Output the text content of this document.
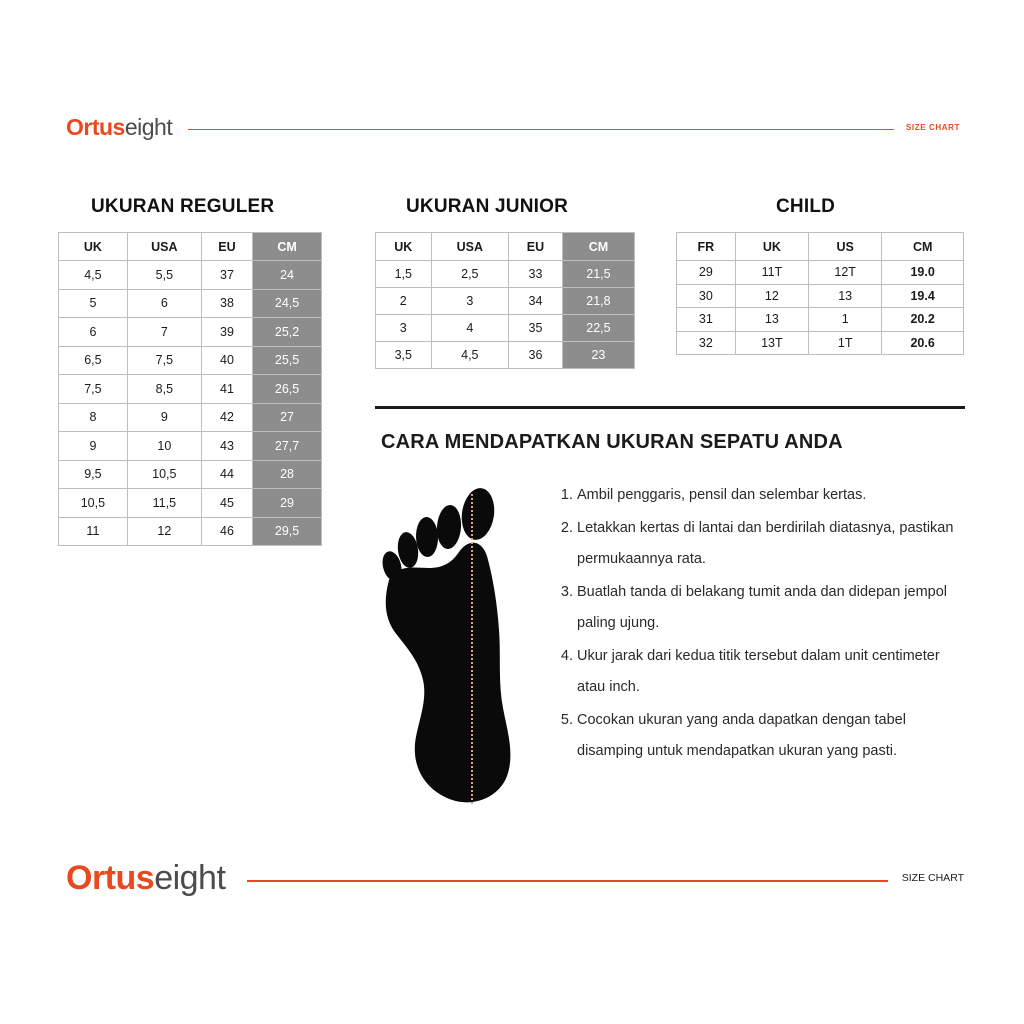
O rtus eight	SIZE CHART
UKURAN REGULER
UK	USA	EU	CM
4,5	5,5	37	24
5	6	38	24,5
6	7	39	25,2
6,5	7,5	40	25,5
7,5	8,5	41	26,5
8	9	42	27
9	10	43	27,7
9,5	10,5	44	28
10,5	11,5	45	29
11	12	46	29,5
UKURAN JUNIOR
UK	USA	EU	CM
1,5	2,5	33	21,5
2	3	34	21,8
3	4	35	22,5
3,5	4,5	36	23
CHILD
FR	UK	US	CM
29	11T	12T	19.0
30	12	13	19.4
31	13	1	20.2
32	13T	1T	20.6
CARA MENDAPATKAN UKURAN SEPATU ANDA
1. Ambil penggaris, pensil dan selembar kertas.
2. Letakkan kertas di lantai dan berdirilah diatasnya, pastikan permukaannya rata.
3. Buatlah tanda di belakang tumit anda dan didepan jempol paling ujung.
4. Ukur jarak dari kedua titik tersebut dalam unit centimeter atau inch.
5. Cocokan ukuran yang anda dapatkan dengan tabel disamping untuk mendapatkan ukuran yang pasti.
O rtus eight	SIZE CHART
